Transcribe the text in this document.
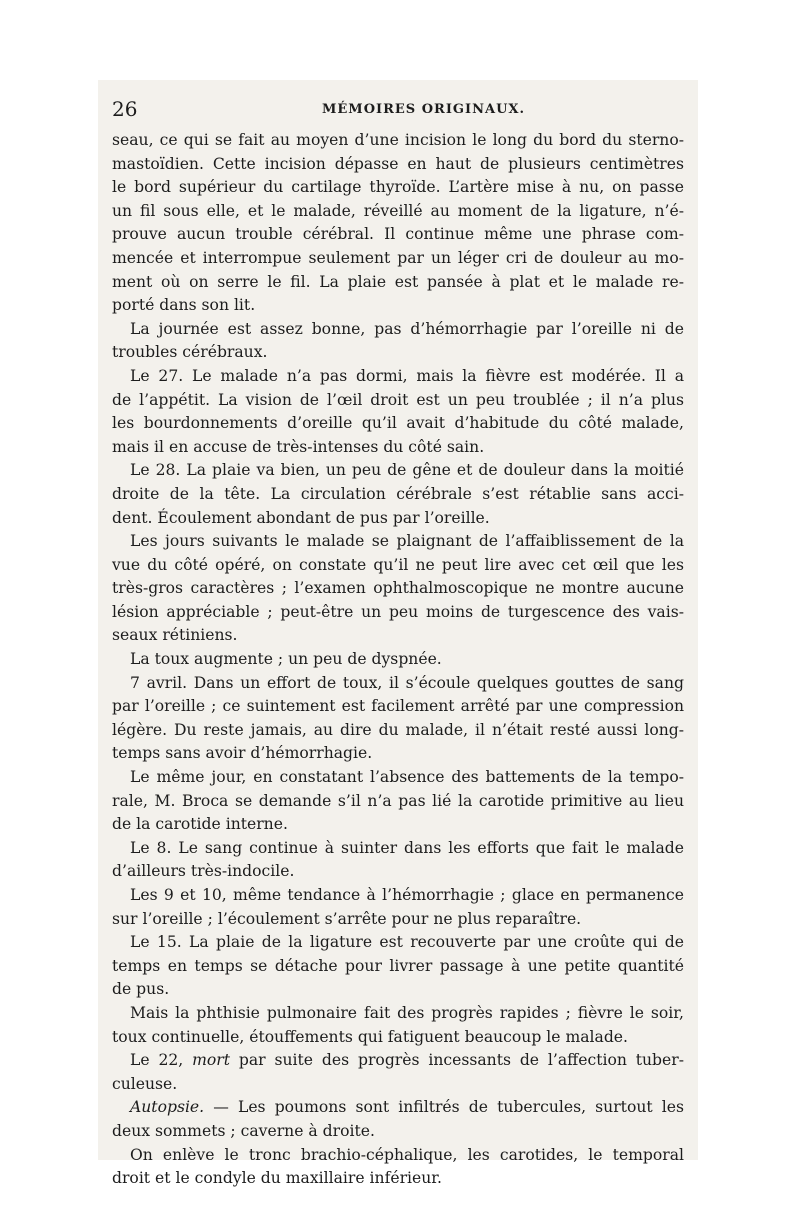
26	MÉMOIRES ORIGINAUX.
seau, ce qui se fait au moyen d’une incision le long du bord du sterno-
mastoïdien. Cette incision dépasse en haut de plusieurs centimètres
le bord supérieur du cartilage thyroïde. L’artère mise à nu, on passe
un fil sous elle, et le malade, réveillé au moment de la ligature, n’é-
prouve aucun trouble cérébral. Il continue même une phrase com-
mencée et interrompue seulement par un léger cri de douleur au mo-
ment où on serre le fil. La plaie est pansée à plat et le malade re-
porté dans son lit.
La journée est assez bonne, pas d’hémorrhagie par l’oreille ni de
troubles cérébraux.
Le 27. Le malade n’a pas dormi, mais la fièvre est modérée. Il a
de l’appétit. La vision de l’œil droit est un peu troublée ; il n’a plus
les bourdonnements d’oreille qu’il avait d’habitude du côté malade,
mais il en accuse de très-intenses du côté sain.
Le 28. La plaie va bien, un peu de gêne et de douleur dans la moitié
droite de la tête. La circulation cérébrale s’est rétablie sans acci-
dent. Écoulement abondant de pus par l’oreille.
Les jours suivants le malade se plaignant de l’affaiblissement de la
vue du côté opéré, on constate qu’il ne peut lire avec cet œil que les
très-gros caractères ; l’examen ophthalmoscopique ne montre aucune
lésion appréciable ; peut-être un peu moins de turgescence des vais-
seaux rétiniens.
La toux augmente ; un peu de dyspnée.
7 avril. Dans un effort de toux, il s’écoule quelques gouttes de sang
par l’oreille ; ce suintement est facilement arrêté par une compression
légère. Du reste jamais, au dire du malade, il n’était resté aussi long-
temps sans avoir d’hémorrhagie.
Le même jour, en constatant l’absence des battements de la tempo-
rale, M. Broca se demande s’il n’a pas lié la carotide primitive au lieu
de la carotide interne.
Le 8. Le sang continue à suinter dans les efforts que fait le malade
d’ailleurs très-indocile.
Les 9 et 10, même tendance à l’hémorrhagie ; glace en permanence
sur l’oreille ; l’écoulement s’arrête pour ne plus reparaître.
Le 15. La plaie de la ligature est recouverte par une croûte qui de
temps en temps se détache pour livrer passage à une petite quantité
de pus.
Mais la phthisie pulmonaire fait des progrès rapides ; fièvre le soir,
toux continuelle, étouffements qui fatiguent beaucoup le malade.
Le 22, mort par suite des progrès incessants de l’affection tuber-
culeuse.
Autopsie. — Les poumons sont infiltrés de tubercules, surtout les
deux sommets ; caverne à droite.
On enlève le tronc brachio-céphalique, les carotides, le temporal
droit et le condyle du maxillaire inférieur.
